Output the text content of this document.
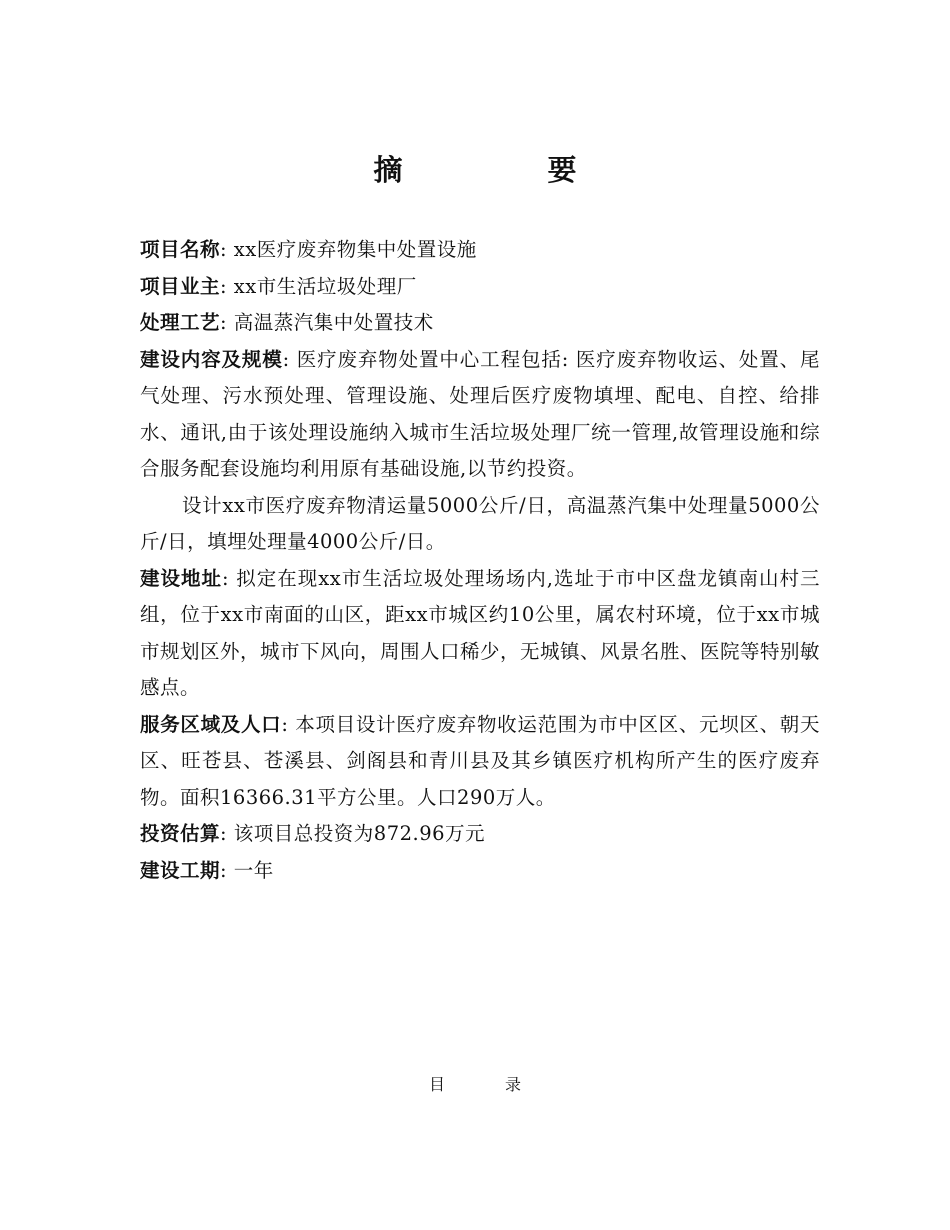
摘　要

项目名称: xx医疗废弃物集中处置设施

项目业主: xx市生活垃圾处理厂

处理工艺: 高温蒸汽集中处置技术

建设内容及规模: 医疗废弃物处置中心工程包括: 医疗废弃物收运、处置、尾气处理、污水预处理、管理设施、处理后医疗废物填埋、配电、自控、给排水、通讯,由于该处理设施纳入城市生活垃圾处理厂统一管理,故管理设施和综合服务配套设施均利用原有基础设施,以节约投资。

设计xx市医疗废弃物清运量5000公斤/日，高温蒸汽集中处理量5000公斤/日，填埋处理量4000公斤/日。

建设地址: 拟定在现xx市生活垃圾处理场场内,选址于市中区盘龙镇南山村三组，位于xx市南面的山区，距xx市城区约10公里，属农村环境，位于xx市城市规划区外，城市下风向，周围人口稀少，无城镇、风景名胜、医院等特别敏感点。

服务区域及人口: 本项目设计医疗废弃物收运范围为市中区区、元坝区、朝天区、旺苍县、苍溪县、剑阁县和青川县及其乡镇医疗机构所产生的医疗废弃物。面积16366.31平方公里。人口290万人。

投资估算: 该项目总投资为872.96万元

建设工期: 一年

目　录
